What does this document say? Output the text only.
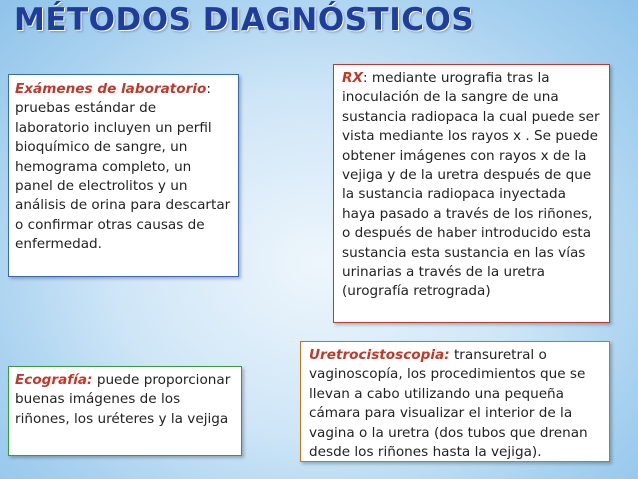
MÉTODOS DIAGNÓSTICOS
Exámenes de laboratorio: pruebas estándar de laboratorio incluyen un perfil bioquímico de sangre, un hemograma completo, un panel de electrolitos y un análisis de orina para descartar o confirmar otras causas de enfermedad.
RX: mediante urografia tras la inoculación de la sangre de una sustancia radiopaca la cual puede ser vista mediante los rayos x . Se puede obtener imágenes con rayos x de la vejiga y de la uretra después de que la sustancia radiopaca inyectada haya pasado a través de los riñones, o después de haber introducido esta sustancia esta sustancia en las vías urinarias a través de la uretra (urografía retrograda)
Ecografía: puede proporcionar buenas imágenes de los riñones, los uréteres y la vejiga
Uretrocistoscopia: transuretral o vaginoscopía, los procedimientos que se llevan a cabo utilizando una pequeña cámara para visualizar el interior de la vagina o la uretra (dos tubos que drenan desde los riñones hasta la vejiga).
